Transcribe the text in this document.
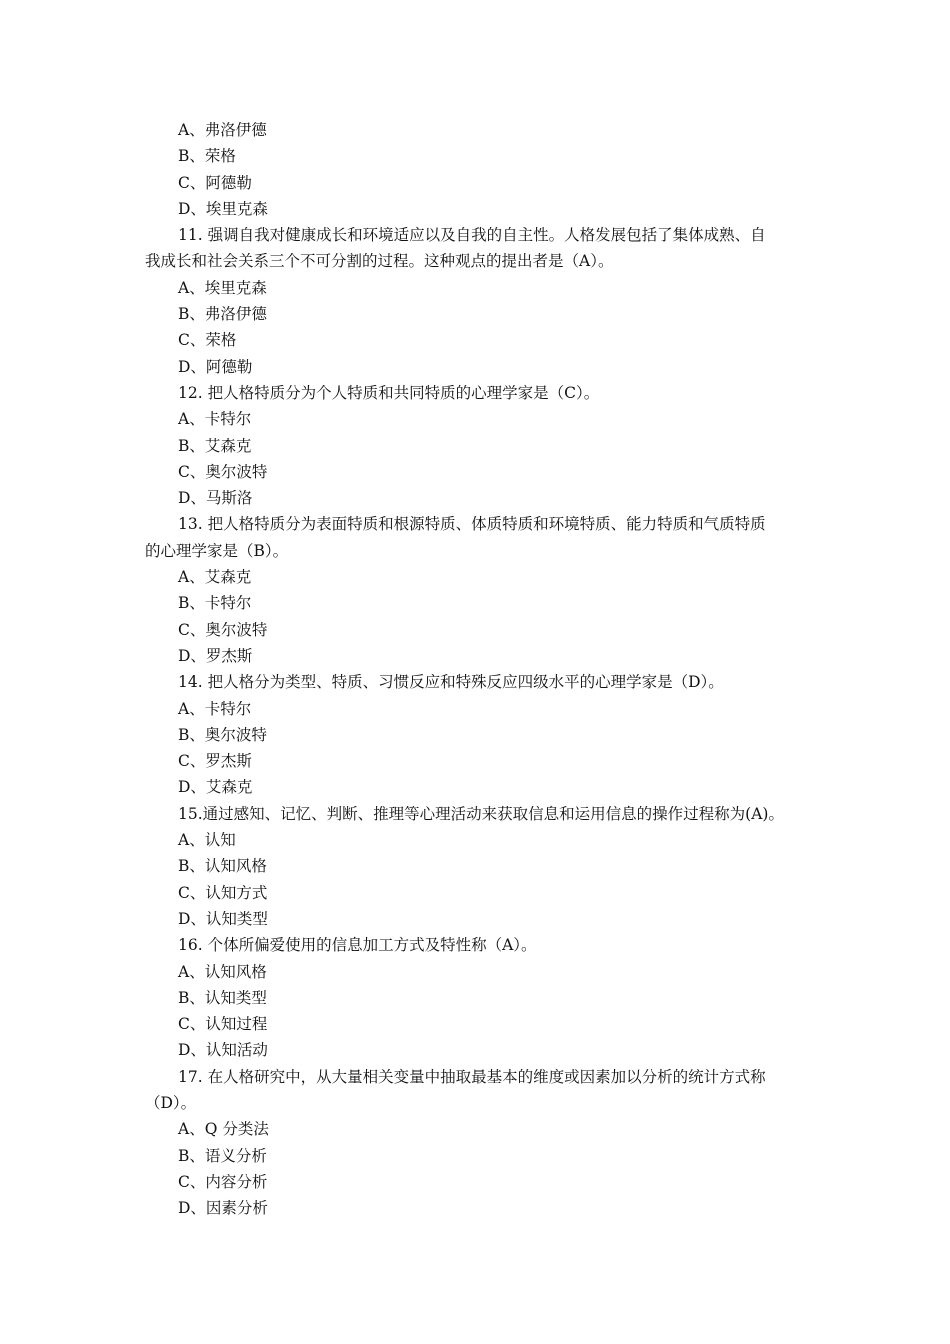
A、弗洛伊德
B、荣格
C、阿德勒
D、埃里克森
11. 强调自我对健康成长和环境适应以及自我的自主性。人格发展包括了集体成熟、自
我成长和社会关系三个不可分割的过程。这种观点的提出者是（A）。
A、埃里克森
B、弗洛伊德
C、荣格
D、阿德勒
12. 把人格特质分为个人特质和共同特质的心理学家是（C）。
A、卡特尔
B、艾森克
C、奥尔波特
D、马斯洛
13. 把人格特质分为表面特质和根源特质、体质特质和环境特质、能力特质和气质特质
的心理学家是（B）。
A、艾森克
B、卡特尔
C、奥尔波特
D、罗杰斯
14. 把人格分为类型、特质、习惯反应和特殊反应四级水平的心理学家是（D）。
A、卡特尔
B、奥尔波特
C、罗杰斯
D、艾森克
15.通过感知、记忆、判断、推理等心理活动来获取信息和运用信息的操作过程称为(A)。
A、认知
B、认知风格
C、认知方式
D、认知类型
16. 个体所偏爱使用的信息加工方式及特性称（A）。
A、认知风格
B、认知类型
C、认知过程
D、认知活动
17. 在人格研究中，从大量相关变量中抽取最基本的维度或因素加以分析的统计方式称
（D）。
A、Q 分类法
B、语义分析
C、内容分析
D、因素分析
